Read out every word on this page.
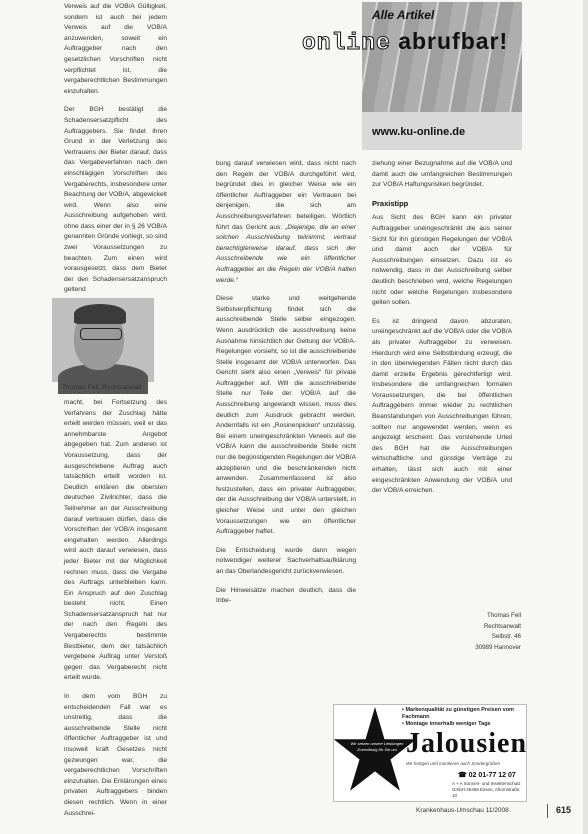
Verweis auf die VOB/A Gültigkeit, sondern ist auch bei jedem Verweis auf die VOB/A anzuwenden, soweit ein Auftraggeber nach den gesetzlichen Vorschriften nicht verpflichtet ist, die vergaberechtlichen Bestimmungen einzuhalten.

Der BGH bestätigt die Schadensersatzpflicht des Auftraggebers. Sie findet ihren Grund in der Verletzung des Vertrauens der Bieter darauf, dass das Vergabeverfahren nach den einschlägigen Vorschriften des Vergaberechts, insbesondere unter Beachtung der VOB/A, abgewickelt wird. Wenn also eine Ausschreibung aufgehoben wird, ohne dass einer der in § 26 VOB/A genannten Gründe vorliegt, so sind zwei Voraussetzungen zu beachten. Zum einen wird vorausgesetzt, dass dem Bieter der den Schadensersatzanspruch geltend

Thomas Fell, Rechtsanwalt

macht, bei Fortsetzung des Verfahrens der Zuschlag hätte erteilt werden müssen, weil er das annehmbarste Angebot abgegeben hat. Zum anderen ist Voraussetzung, dass der ausgeschriebene Auftrag auch tatsächlich erteilt worden ist. Deutlich erklären die obersten deutschen Zivilrichter, dass die Teilnehmer an der Ausschreibung darauf vertrauen dürfen, dass die Vorschriften der VOB/A insgesamt eingehalten werden. Allerdings wird auch darauf verwiesen, dass jeder Bieter mit der Möglichkeit rechnen muss, dass die Vergabe des Auftrags unterbleiben kann. Ein Anspruch auf den Zuschlag besteht nicht. Einen Schadensersatzanspruch hat nur der nach den Regeln des Vergaberechts bestimmte Bestbieter, dem der tatsächlich vergebene Auftrag unter Verstoß gegen das Vergaberecht nicht erteilt wurde.

In dem vom BGH zu entscheidenden Fall war es unstreitig, dass die ausschreibende Stelle nicht öffentlicher Auftraggeber ist und insoweit kraft Gesetzes nicht gezwungen war, die vergaberechtlichen Vorschriften einzuhalten. Die Erklärungen eines privaten Auftraggebers binden diesen rechtlich. Wenn in einer Ausschrei-

Alle Artikel
online abrufbar!
www.ku-online.de

bung darauf verwiesen wird, dass nicht nach den Regeln der VOB/A durchgeführt wird, begründet dies in gleicher Weise wie ein öffentlicher Auftraggeber ein Vertrauen bei denjenigen, die sich am Ausschreibungsverfahren beteiligen. Wörtlich führt das Gericht aus: „Diejenige, die an einer solchen Ausschreibung teilnimmt, vertraut berechtigterweise darauf, dass sich der Ausschreibende wie ein öffentlicher Auftraggeber an die Regeln der VOB/A halten werde.“

Diese starke und weitgehende Selbstverpflichtung findet sich die ausschreibende Stelle selber eingezogen. Wenn ausdrücklich die ausschreibung keine Ausnahme hinsichtlich der Geltung der VOB/A-Regelungen vorsieht, so ist die ausschreibende Stelle insgesamt der VOB/A unterworfen. Das Gericht sieht also einen „Verweis“ für private Auftraggeber auf. Will die ausschreibende Stelle nur Teile der VOB/A auf die Ausschreibung angewandt wissen, muss dies deutlich zum Ausdruck gebracht werden. Andernfalls ist ein „Rosinenpicken“ unzulässig. Bei einem uneingeschränkten Verweis auf die VOB/A kann die ausschreibende Stelle nicht nur die begünstigenden Regelungen der VOB/A akzeptieren und die beschränkenden nicht anwenden. Zusammenfassend ist also festzustellen, dass ein privater Auftraggeber, der die Ausschreibung der VOB/A unterstellt, in gleicher Weise und unter den gleichen Voraussetzungen wie ein öffentlicher Auftraggeber haftet.

Die Entscheidung wurde dann wegen notwendiger weiterer Sachverhaltsaufklärung an das Oberlandesgericht zurückverwiesen.

Die Hinweisätze machen deutlich, dass die Inbe-

ziehung einer Bezugnahme auf die VOB/A und damit auch die umfangreichen Bestimmungen zur VOB/A Haftungsrisiken begründet.

Praxistipp

Aus Sicht des BGH kann ein privater Auftraggeber uneingeschränkt die aus seiner Sicht für ihn günstigen Regelungen der VOB/A und damit auch der VOB/A für Ausschreibungen einsetzen. Dazu ist es notwendig, dass in der Ausschreibung selber deutlich beschrieben wird, welche Regelungen nicht oder welche Regelungen insbesondere gelten sollen.

Es ist dringend davon abzuraten, uneingeschränkt auf die VOB/A oder die VOB/A als privater Auftraggeber zu verweisen. Hierdurch wird eine Selbstbindung erzeugt, die in den überwiegenden Fällen nicht durch das damit erzielte Ergebnis gerechtfertigt wird. Insbesondere die umfangreichen formalen Voraussetzungen, die bei öffentlichen Auftraggebern immer wieder zu rechtlichen Beanstandungen von Ausschreibungen führen, sollten nur angewendet werden, wenn es angezeigt erscheint. Das vorstehende Urteil des BGH hat die Ausschreibungen wirtschaftliche und günstige Verträge zu erhalten, lässt sich auch mit einer eingeschränkten Anwendung der VOB/A und der VOB/A erreichen.

Thomas Fell
Rechtsanwalt
Selbstr. 46
30989 Hannover
Wir setzen unsere Leistungen Zuverlässig für Sie um
• Markenqualität zu günstigen Preisen vom Fachmann
• Montage innerhalb weniger Tage
Jalousien
Wir fertigen und montieren auch Sondergrößen
☎ 02 01-77 12 07
A + A Sonnen- und Insektenschutz GmbH 45468 Essen, Ahornstraße 10
Krankenhaus-Umschau 11/2008	615
